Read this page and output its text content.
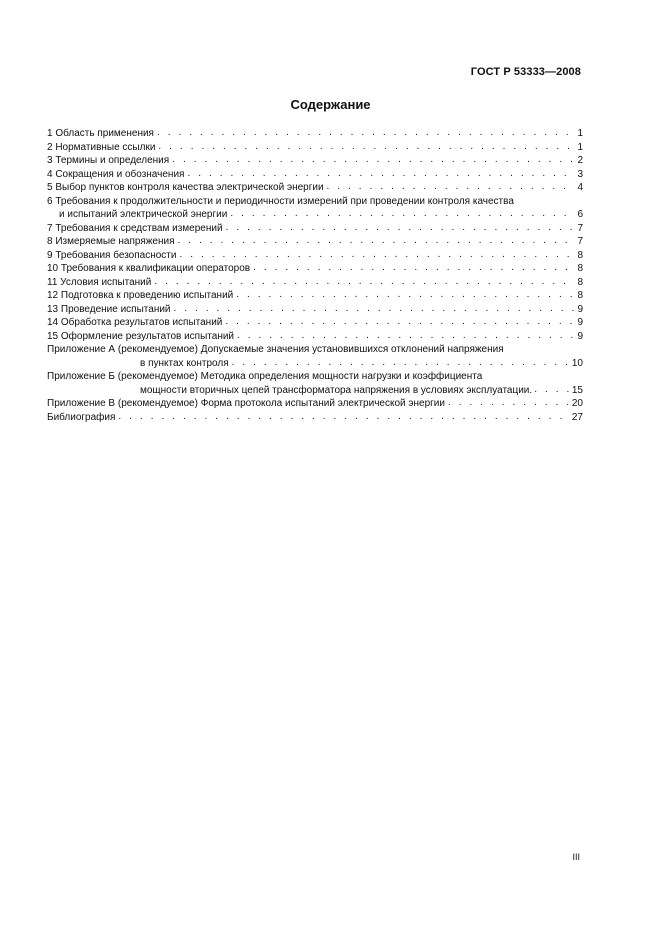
ГОСТ Р 53333—2008
Содержание
1 Область применения . . .	1
2 Нормативные ссылки . . .	1
3 Термины и определения . . .	2
4 Сокращения и обозначения . . .	3
5 Выбор пунктов контроля качества электрической энергии . . .	4
6 Требования к продолжительности и периодичности измерений при проведении контроля качества
и испытаний электрической энергии . . .	6
7 Требования к средствам измерений . . .	7
8 Измеряемые напряжения . . .	7
9 Требования безопасности . . .	8
10 Требования к квалификации операторов . . .	8
11 Условия испытаний . . .	8
12 Подготовка к проведению испытаний . . .	8
13 Проведение испытаний . . .	9
14 Обработка результатов испытаний . . .	9
15 Оформление результатов испытаний . . .	9
Приложение А (рекомендуемое) Допускаемые значения установившихся отклонений напряжения
в пунктах контроля . . .	10
Приложение Б (рекомендуемое) Методика определения мощности нагрузки и коэффициента
мощности вторичных цепей трансформатора напряжения в условиях эксплуатации. . . .	15
Приложение В (рекомендуемое) Форма протокола испытаний электрической энергии . . .	20
Библиография . . .	27
III
